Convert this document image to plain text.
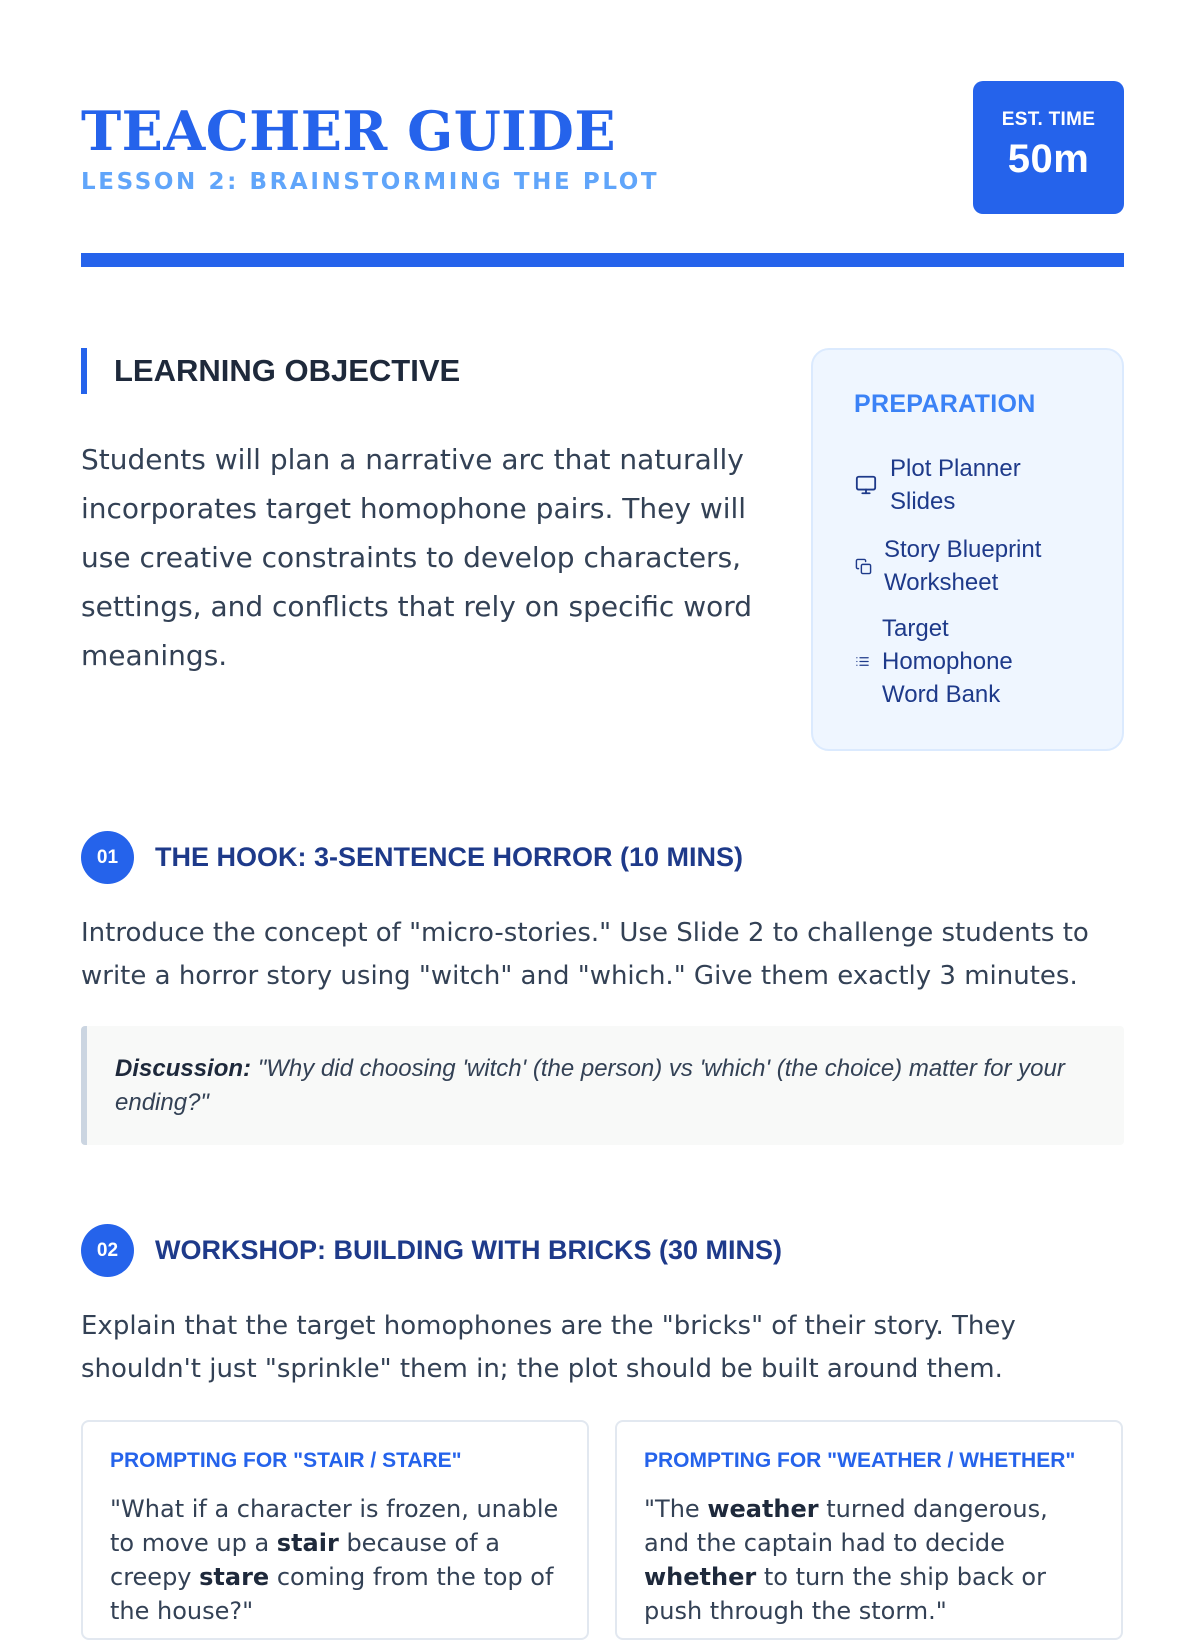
TEACHER GUIDE
LESSON 2: BRAINSTORMING THE PLOT
EST. TIME
50m
LEARNING OBJECTIVE
Students will plan a narrative arc that naturally incorporates target homophone pairs. They will use creative constraints to develop characters, settings, and conflicts that rely on specific word meanings.
PREPARATION
Plot Planner Slides
Story Blueprint Worksheet
Target Homophone Word Bank
01	THE HOOK: 3-SENTENCE HORROR (10 MINS)
Introduce the concept of "micro-stories." Use Slide 2 to challenge students to write a horror story using "witch" and "which." Give them exactly 3 minutes.
Discussion: "Why did choosing 'witch' (the person) vs 'which' (the choice) matter for your ending?"
02	WORKSHOP: BUILDING WITH BRICKS (30 MINS)
Explain that the target homophones are the "bricks" of their story. They shouldn't just "sprinkle" them in; the plot should be built around them.
PROMPTING FOR "STAIR / STARE"
"What if a character is frozen, unable to move up a stair because of a creepy stare coming from the top of the house?"
PROMPTING FOR "WEATHER / WHETHER"
"The weather turned dangerous, and the captain had to decide whether to turn the ship back or push through the storm."
